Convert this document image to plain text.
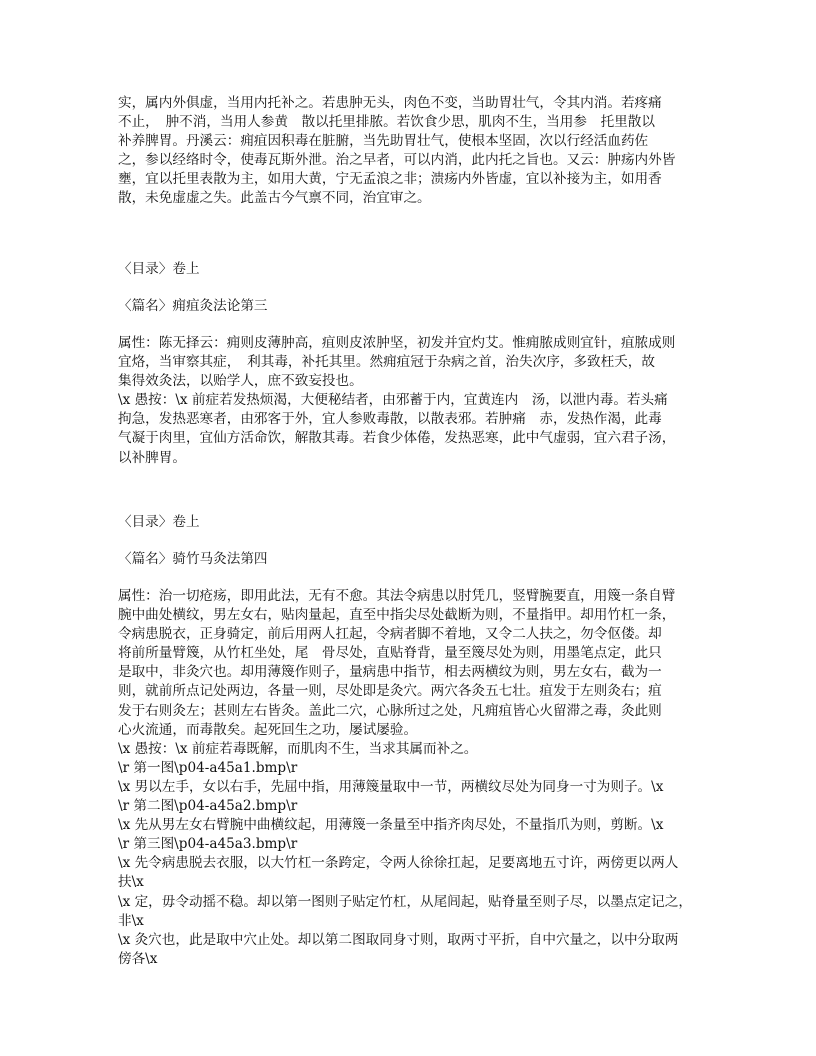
实，属内外俱虚，当用内托补之。若患肿无头，肉色不变，当助胃壮气，令其内消。若疼痛
不止，　肿不消，当用人参黄　散以托里排脓。若饮食少思，肌肉不生，当用参　托里散以
补养脾胃。丹溪云：痈疽因积毒在脏腑，当先助胃壮气，使根本坚固，次以行经活血药佐
之，参以经络时令，使毒瓦斯外泄。治之早者，可以内消，此内托之旨也。又云：肿疡内外皆
壅，宜以托里表散为主，如用大黄，宁无孟浪之非；溃疡内外皆虚，宜以补接为主，如用香
散，未免虚虚之失。此盖古今气禀不同，治宜审之。
〈目录〉卷上
〈篇名〉痈疽灸法论第三
属性：陈无择云：痈则皮薄肿高，疽则皮浓肿坚，初发并宜灼艾。惟痈脓成则宜针，疽脓成则
宜烙，当审察其症，　利其毒，补托其里。然痈疽冠于杂病之首，治失次序，多致枉夭，故
集得效灸法，以贻学人，庶不致妄投也。
\x 愚按：\x 前症若发热烦渴，大便秘结者，由邪蓄于内，宜黄连内　汤，以泄内毒。若头痛
拘急，发热恶寒者，由邪客于外，宜人参败毒散，以散表邪。若肿痛　赤，发热作渴，此毒
气凝于肉里，宜仙方活命饮，解散其毒。若食少体倦，发热恶寒，此中气虚弱，宜六君子汤，
以补脾胃。
〈目录〉卷上
〈篇名〉骑竹马灸法第四
属性：治一切疮疡，即用此法，无有不愈。其法令病患以肘凭几，竖臂腕要直，用篾一条自臂
腕中曲处横纹，男左女右，贴肉量起，直至中指尖尽处截断为则，不量指甲。却用竹杠一条，
令病患脱衣，正身骑定，前后用两人扛起，令病者脚不着地，又令二人扶之，勿令伛偻。却
将前所量臂篾，从竹杠坐处，尾　骨尽处，直贴脊背，量至篾尽处为则，用墨笔点定，此只
是取中，非灸穴也。却用薄篾作则子，量病患中指节，相去两横纹为则，男左女右，截为一
则，就前所点记处两边，各量一则，尽处即是灸穴。两穴各灸五七壮。疽发于左则灸右；疽
发于右则灸左；甚则左右皆灸。盖此二穴，心脉所过之处，凡痈疽皆心火留滞之毒，灸此则
心火流通，而毒散矣。起死回生之功，屡试屡验。
\x 愚按：\x 前症若毒既解，而肌肉不生，当求其属而补之。
\r 第一图\p04-a45a1.bmp\r
\x 男以左手，女以右手，先屈中指，用薄篾量取中一节，两横纹尽处为同身一寸为则子。\x
\r 第二图\p04-a45a2.bmp\r
\x 先从男左女右臂腕中曲横纹起，用薄篾一条量至中指齐肉尽处，不量指爪为则，剪断。\x
\r 第三图\p04-a45a3.bmp\r
\x 先令病患脱去衣服，以大竹杠一条跨定，令两人徐徐扛起，足要离地五寸许，两傍更以两人
扶\x
\x 定，毋令动摇不稳。却以第一图则子贴定竹杠，从尾闾起，贴脊量至则子尽，以墨点定记之，
非\x
\x 灸穴也，此是取中穴止处。却以第二图取同身寸则，取两寸平折，自中穴量之，以中分取两
傍各\x
